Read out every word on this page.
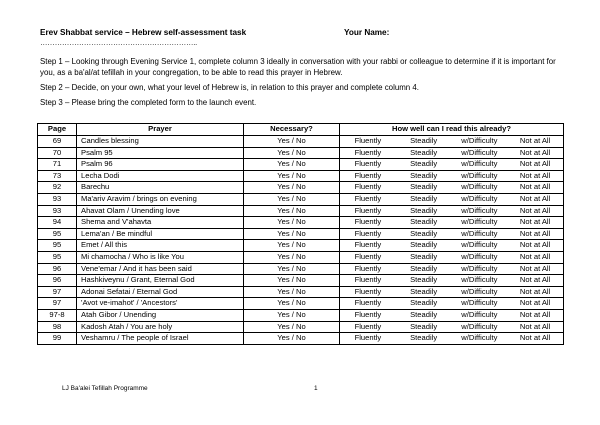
Erev Shabbat service – Hebrew self-assessment task	Your Name:
………………………………………………………..

Step 1 – Looking through Evening Service 1, complete column 3 ideally in conversation with your rabbi or colleague to determine if it is important for you, as a ba'al/at tefillah in your congregation, to be able to read this prayer in Hebrew.

Step 2 – Decide, on your own, what your level of Hebrew is, in relation to this prayer and complete column 4.

Step 3 – Please bring the completed form to the launch event.

Page	Prayer	Necessary?	How well can I read this already?
69	Candles blessing	Yes / No	Fluently Steadily w/Difficulty Not at All

70	Psalm 95	Yes / No	Fluently Steadily w/Difficulty Not at All

71	Psalm 96	Yes / No	Fluently Steadily w/Difficulty Not at All

73	Lecha Dodi	Yes / No	Fluently Steadily w/Difficulty Not at All

92	Barechu	Yes / No	Fluently Steadily w/Difficulty Not at All

93	Ma'ariv Aravim / brings on evening	Yes / No	Fluently Steadily w/Difficulty Not at All

93	Ahavat Olam / Unending love	Yes / No	Fluently Steadily w/Difficulty Not at All

94	Shema and V'ahavta	Yes / No	Fluently Steadily w/Difficulty Not at All

95	Lema'an / Be mindful	Yes / No	Fluently Steadily w/Difficulty Not at All

95	Emet / All this	Yes / No	Fluently Steadily w/Difficulty Not at All

95	Mi chamocha / Who is like You	Yes / No	Fluently Steadily w/Difficulty Not at All

96	Vene'emar / And it has been said	Yes / No	Fluently Steadily w/Difficulty Not at All

96	Hashkiveynu / Grant, Eternal God	Yes / No	Fluently Steadily w/Difficulty Not at All

97	Adonai Sefatai / Eternal God	Yes / No	Fluently Steadily w/Difficulty Not at All

97	'Avot ve-imahot' / 'Ancestors'	Yes / No	Fluently Steadily w/Difficulty Not at All

97-8	Atah Gibor / Unending	Yes / No	Fluently Steadily w/Difficulty Not at All

98	Kadosh Atah / You are holy	Yes / No	Fluently Steadily w/Difficulty Not at All

99	Veshamru / The people of Israel	Yes / No	Fluently Steadily w/Difficulty Not at All
LJ Ba'alei Tefillah Programme	1
